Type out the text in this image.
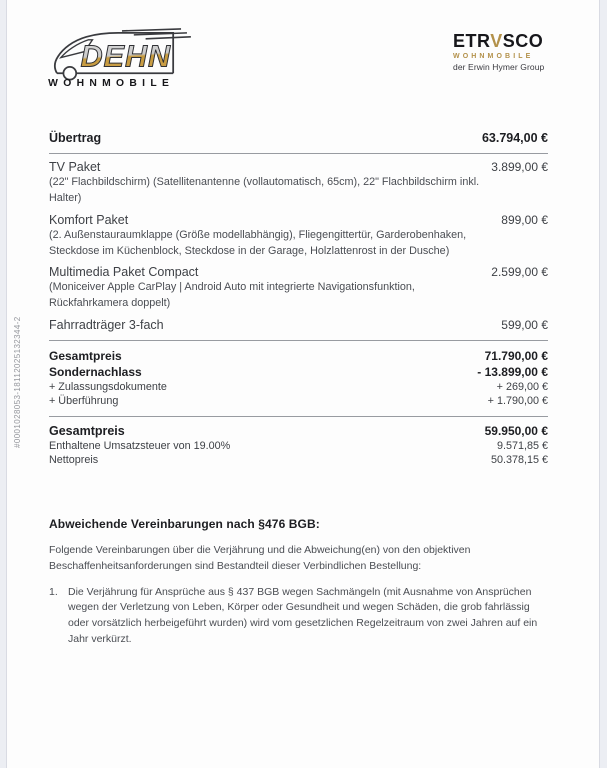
#0001028053-18112025132344-2
DEHN
WOHNMOBILE
ETRVSCO
WOHNMOBILE
der Erwin Hymer Group
Übertrag	63.794,00 €
TV Paket	3.899,00 €
(22" Flachbildschirm) (Satellitenantenne (vollautomatisch, 65cm), 22" Flachbildschirm inkl. Halter)
Komfort Paket	899,00 €
(2. Außenstauraumklappe (Größe modellabhängig), Fliegengittertür, Garderobenhaken, Steckdose im Küchenblock, Steckdose in der Garage, Holzlattenrost in der Dusche)
Multimedia Paket Compact	2.599,00 €
(Moniceiver Apple CarPlay | Android Auto mit integrierte Navigationsfunktion, Rückfahrkamera doppelt)
Fahrradträger 3-fach	599,00 €
Gesamtpreis	71.790,00 €
Sondernachlass	- 13.899,00 €
+ Zulassungsdokumente	+ 269,00 €
+ Überführung	+ 1.790,00 €
Gesamtpreis	59.950,00 €
Enthaltene Umsatzsteuer von 19.00%	9.571,85 €
Nettopreis	50.378,15 €
Abweichende Vereinbarungen nach §476 BGB:
Folgende Vereinbarungen über die Verjährung und die Abweichung(en) von den objektiven Beschaffenheitsanforderungen sind Bestandteil dieser Verbindlichen Bestellung:
1. Die Verjährung für Ansprüche aus § 437 BGB wegen Sachmängeln (mit Ausnahme von Ansprüchen wegen der Verletzung von Leben, Körper oder Gesundheit und wegen Schäden, die grob fahrlässig oder vorsätzlich herbeigeführt wurden) wird vom gesetzlichen Regelzeitraum von zwei Jahren auf ein Jahr verkürzt.
